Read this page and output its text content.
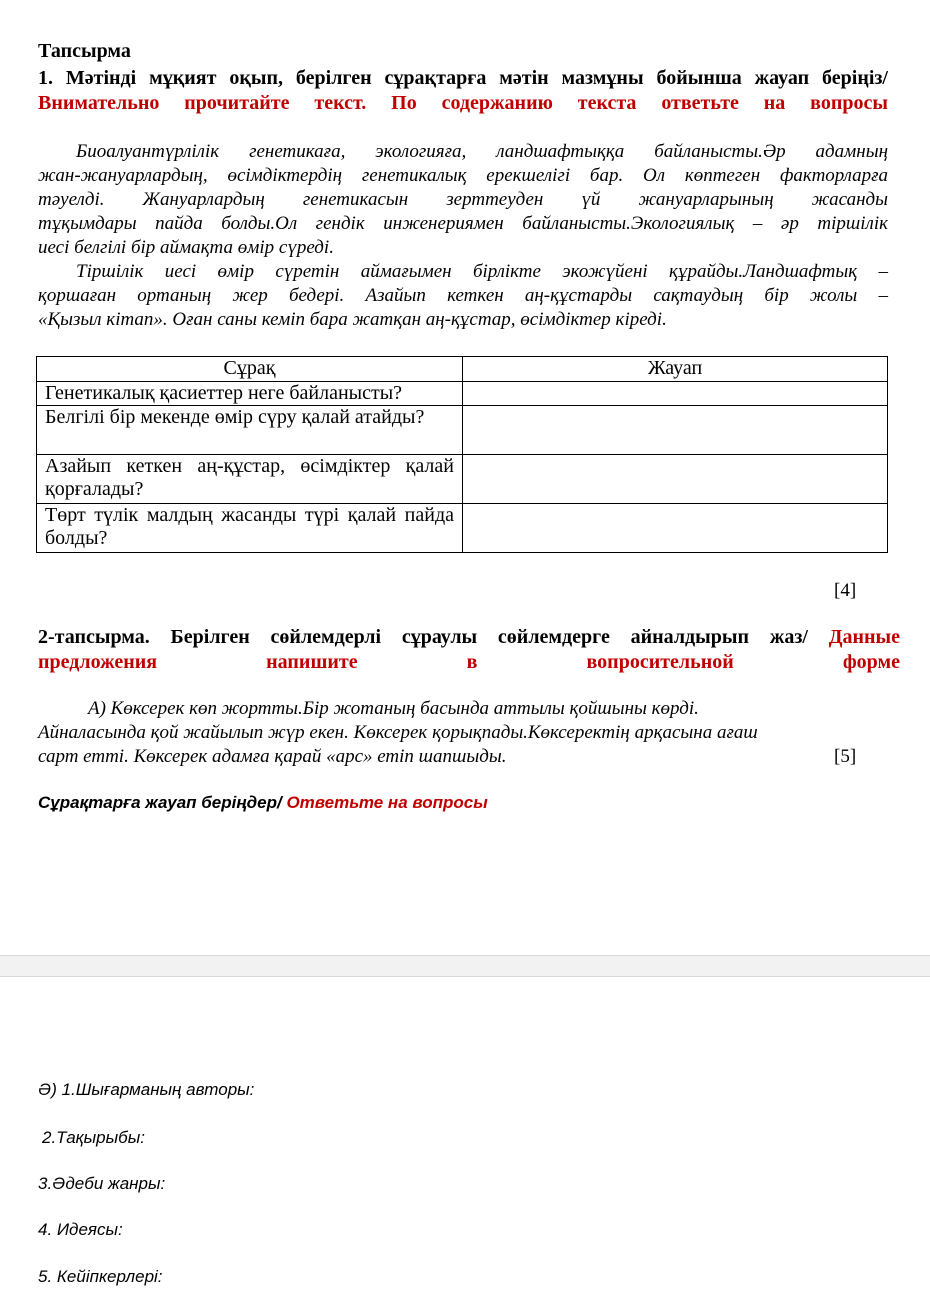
Тапсырма
1. Мәтінді мұқият оқып, берілген сұрақтарға мәтін мазмұны бойынша жауап беріңіз/Внимательно прочитайте текст. По содержанию текста ответьте на вопросы
Биоалуантүрлілік генетикаға, экологияға, ландшафтыққа байланысты.Әр адамның
жан-жануарлардың, өсімдіктердің генетикалық ерекшелігі бар. Ол көптеген факторларға
тәуелді. Жануарлардың генетикасын зерттеуден үй жануарларының жасанды
тұқымдары пайда болды.Ол гендік инженериямен байланысты.Экологиялық – әр тіршілік
иесі белгілі бір аймақта өмір сүреді.
Тіршілік иесі өмір сүретін аймағымен бірлікте экожүйені құрайды.Ландшафтық –
қоршаған ортаның жер бедері. Азайып кеткен аң-құстарды сақтаудың бір жолы –
«Қызыл кітап». Оған саны кеміп бара жатқан аң-құстар, өсімдіктер кіреді.
Сұрақ	Жауап
Генетикалық қасиеттер неге байланысты?	
Белгілі бір мекенде өмір сүру қалай атайды?	
Азайып кеткен аң-құстар, өсімдіктер қалай қорғалады?	
Төрт түлік малдың жасанды түрі қалай пайда болды?	
[4]
2-тапсырма. Берілген сөйлемдерлі сұраулы сөйлемдерге айналдырып жаз/ Данные предложения напишите в вопросительной форме
А) Көксерек көп жортты.Бір жотаның басында аттылы қойшыны көрді.
Айналасында қой жайылып жүр екен. Көксерек қорықпады.Көксеректің арқасына ағаш
сарт етті. Көксерек адамға қарай «арс» етіп шапшыды.	[5]
Сұрақтарға жауап беріңдер/ Ответьте на вопросы
Ә) 1.Шығарманың авторы:
2.Тақырыбы:
3.Әдеби жанры:
4. Идеясы:
5. Кейіпкерлері:
